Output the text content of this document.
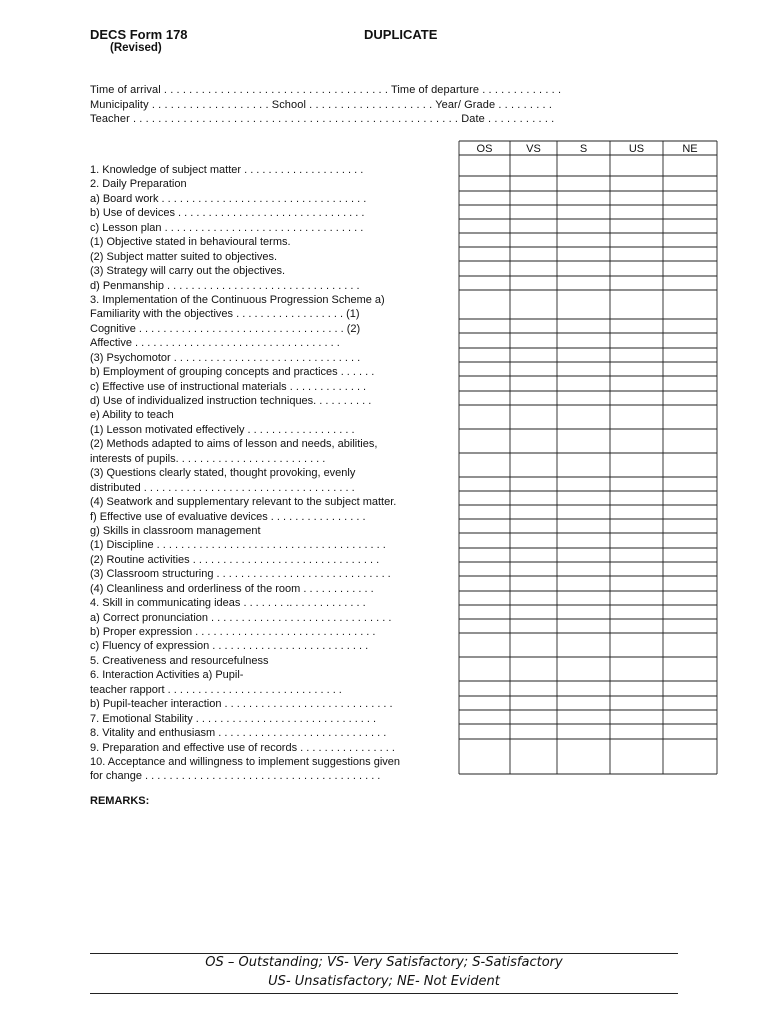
DECS Form 178
(Revised)
DUPLICATE
Time of arrival . . . . . . . . . . . . . . . . . . . . . . . . . . . . . . . . . . . . Time of departure . . . . . . . . . . . . .
Municipality . . . . . . . . . . . . . . . . . . . School . . . . . . . . . . . . . . . . . . . . Year/ Grade . . . . . . . . .
Teacher . . . . . . . . . . . . . . . . . . . . . . . . . . . . . . . . . . . . . . . . . . . . . . . . . . . . Date . . . . . . . . . . .
1. Knowledge of subject matter . . . . . . . . . . . . . . . . . . . .
2. Daily Preparation
a) Board work . . . . . . . . . . . . . . . . . . . . . . . . . . . . . . . . . .
b) Use of devices . . . . . . . . . . . . . . . . . . . . . . . . . . . . . . .
c) Lesson plan . . . . . . . . . . . . . . . . . . . . . . . . . . . . . . . . .
(1) Objective stated in behavioural terms.
(2) Subject matter suited to objectives.
(3) Strategy will carry out the objectives.
d) Penmanship . . . . . . . . . . . . . . . . . . . . . . . . . . . . . . . .
3. Implementation of the Continuous Progression Scheme a)
Familiarity with the objectives . . . . . . . . . . . . . . . . . . (1)
Cognitive . . . . . . . . . . . . . . . . . . . . . . . . . . . . . . . . . . (2)
Affective . . . . . . . . . . . . . . . . . . . . . . . . . . . . . . . . . .
(3) Psychomotor . . . . . . . . . . . . . . . . . . . . . . . . . . . . . . .
b) Employment of grouping concepts and practices . . . . . .
c) Effective use of instructional materials . . . . . . . . . . . . .
d) Use of individualized instruction techniques. . . . . . . . . .
e) Ability to teach
(1) Lesson motivated effectively . . . . . . . . . . . . . . . . . .
(2) Methods adapted to aims of lesson and needs, abilities,
interests of pupils. . . . . . . . . . . . . . . . . . . . . . . . .
(3) Questions clearly stated, thought provoking, evenly
distributed . . . . . . . . . . . . . . . . . . . . . . . . . . . . . . . . . . .
(4) Seatwork and supplementary relevant to the subject matter.
f) Effective use of evaluative devices . . . . . . . . . . . . . . . .
g) Skills in classroom management
(1) Discipline . . . . . . . . . . . . . . . . . . . . . . . . . . . . . . . . . . . . . .
(2) Routine activities . . . . . . . . . . . . . . . . . . . . . . . . . . . . . . .
(3) Classroom structuring . . . . . . . . . . . . . . . . . . . . . . . . . . . . .
(4) Cleanliness and orderliness of the room . . . . . . . . . . . .
4. Skill in communicating ideas . . . . . . . .. . . . . . . . . . . . .
a) Correct pronunciation . . . . . . . . . . . . . . . . . . . . . . . . . . . . . .
b) Proper expression . . . . . . . . . . . . . . . . . . . . . . . . . . . . . .
c) Fluency of expression . . . . . . . . . . . . . . . . . . . . . . . . . .
5. Creativeness and resourcefulness
6. Interaction Activities a) Pupil-
teacher rapport . . . . . . . . . . . . . . . . . . . . . . . . . . . . .
b) Pupil-teacher interaction . . . . . . . . . . . . . . . . . . . . . . . . . . . .
7. Emotional Stability . . . . . . . . . . . . . . . . . . . . . . . . . . . . . .
8. Vitality and enthusiasm . . . . . . . . . . . . . . . . . . . . . . . . . . . .
9. Preparation and effective use of records . . . . . . . . . . . . . . . .
10. Acceptance and willingness to implement suggestions given
for change . . . . . . . . . . . . . . . . . . . . . . . . . . . . . . . . . . . . . . .
OS	VS	S	US	NE
REMARKS:
OS – Outstanding; VS- Very Satisfactory; S-Satisfactory
US- Unsatisfactory; NE- Not Evident
